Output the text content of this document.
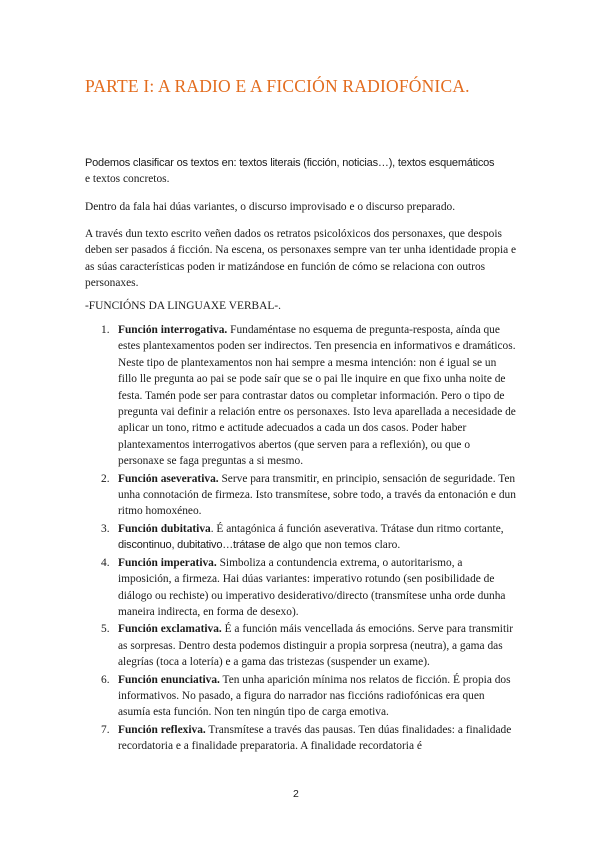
PARTE I: A RADIO E A FICCIÓN RADIOFÓNICA.

Podemos clasificar os textos en: textos literais (ficción, noticias…), textos esquemáticos
e textos concretos.

Dentro da fala hai dúas variantes, o discurso improvisado e o discurso preparado.

A través dun texto escrito veñen dados os retratos psicolóxicos dos personaxes, que despois deben ser pasados á ficción. Na escena, os personaxes sempre van ter unha identidade propia e as súas características poden ir matizándose en función de cómo se relaciona con outros personaxes.

-FUNCIÓNS DA LINGUAXE VERBAL-.

1. Función interrogativa. Fundaméntase no esquema de pregunta-resposta, aínda que estes plantexamentos poden ser indirectos. Ten presencia en informativos e dramáticos. Neste tipo de plantexamentos non hai sempre a mesma intención: non é igual se un fillo lle pregunta ao pai se pode saír que se o pai lle inquire en que fixo unha noite de festa. Tamén pode ser para contrastar datos ou completar información. Pero o tipo de pregunta vai definir a relación entre os personaxes. Isto leva aparellada a necesidade de aplicar un tono, ritmo e actitude adecuados a cada un dos casos. Poder haber plantexamentos interrogativos abertos (que serven para a reflexión), ou que o personaxe se faga preguntas a si mesmo.
2. Función aseverativa. Serve para transmitir, en principio, sensación de seguridade. Ten unha connotación de firmeza. Isto transmítese, sobre todo, a través da entonación e dun ritmo homoxéneo.
3. Función dubitativa. É antagónica á función aseverativa. Trátase dun ritmo cortante, discontinuo, dubitativo…trátase de algo que non temos claro.
4. Función imperativa. Simboliza a contundencia extrema, o autoritarismo, a imposición, a firmeza. Hai dúas variantes: imperativo rotundo (sen posibilidade de diálogo ou rechiste) ou imperativo desiderativo/directo (transmítese unha orde dunha maneira indirecta, en forma de desexo).
5. Función exclamativa. É a función máis vencellada ás emocións. Serve para transmitir as sorpresas. Dentro desta podemos distinguir a propia sorpresa (neutra), a gama das alegrías (toca a lotería) e a gama das tristezas (suspender un exame).
6. Función enunciativa. Ten unha aparición mínima nos relatos de ficción. É propia dos informativos. No pasado, a figura do narrador nas ficcións radiofónicas era quen asumía esta función. Non ten ningún tipo de carga emotiva.
7. Función reflexiva. Transmítese a través das pausas. Ten dúas finalidades: a finalidade recordatoria e a finalidade preparatoria. A finalidade recordatoria é
2
